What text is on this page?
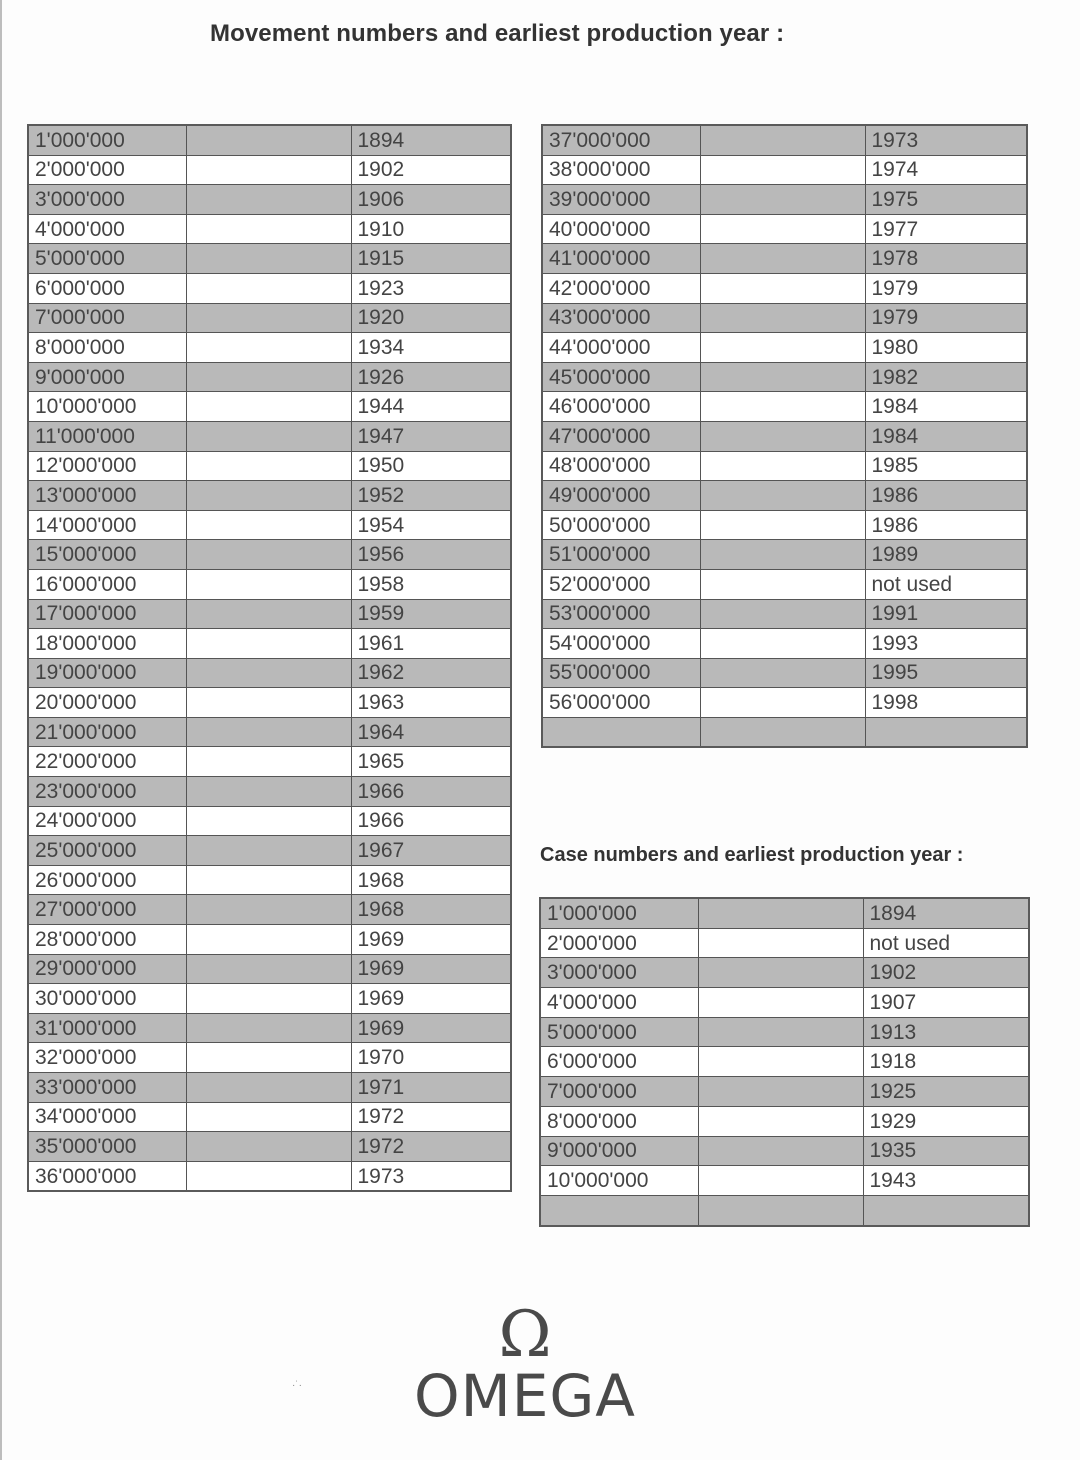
Movement numbers and earliest production year :
1'000'000		1894
2'000'000		1902
3'000'000		1906
4'000'000		1910
5'000'000		1915
6'000'000		1923
7'000'000		1920
8'000'000		1934
9'000'000		1926
10'000'000		1944
11'000'000		1947
12'000'000		1950
13'000'000		1952
14'000'000		1954
15'000'000		1956
16'000'000		1958
17'000'000		1959
18'000'000		1961
19'000'000		1962
20'000'000		1963
21'000'000		1964
22'000'000		1965
23'000'000		1966
24'000'000		1966
25'000'000		1967
26'000'000		1968
27'000'000		1968
28'000'000		1969
29'000'000		1969
30'000'000		1969
31'000'000		1969
32'000'000		1970
33'000'000		1971
34'000'000		1972
35'000'000		1972
36'000'000		1973
37'000'000		1973
38'000'000		1974
39'000'000		1975
40'000'000		1977
41'000'000		1978
42'000'000		1979
43'000'000		1979
44'000'000		1980
45'000'000		1982
46'000'000		1984
47'000'000		1984
48'000'000		1985
49'000'000		1986
50'000'000		1986
51'000'000		1989
52'000'000		not used
53'000'000		1991
54'000'000		1993
55'000'000		1995
56'000'000		1998

Case numbers and earliest production year :
1'000'000		1894
2'000'000		not used
3'000'000		1902
4'000'000		1907
5'000'000		1913
6'000'000		1918
7'000'000		1925
8'000'000		1929
9'000'000		1935
10'000'000		1943

·˙·
Ω
OMEGA
